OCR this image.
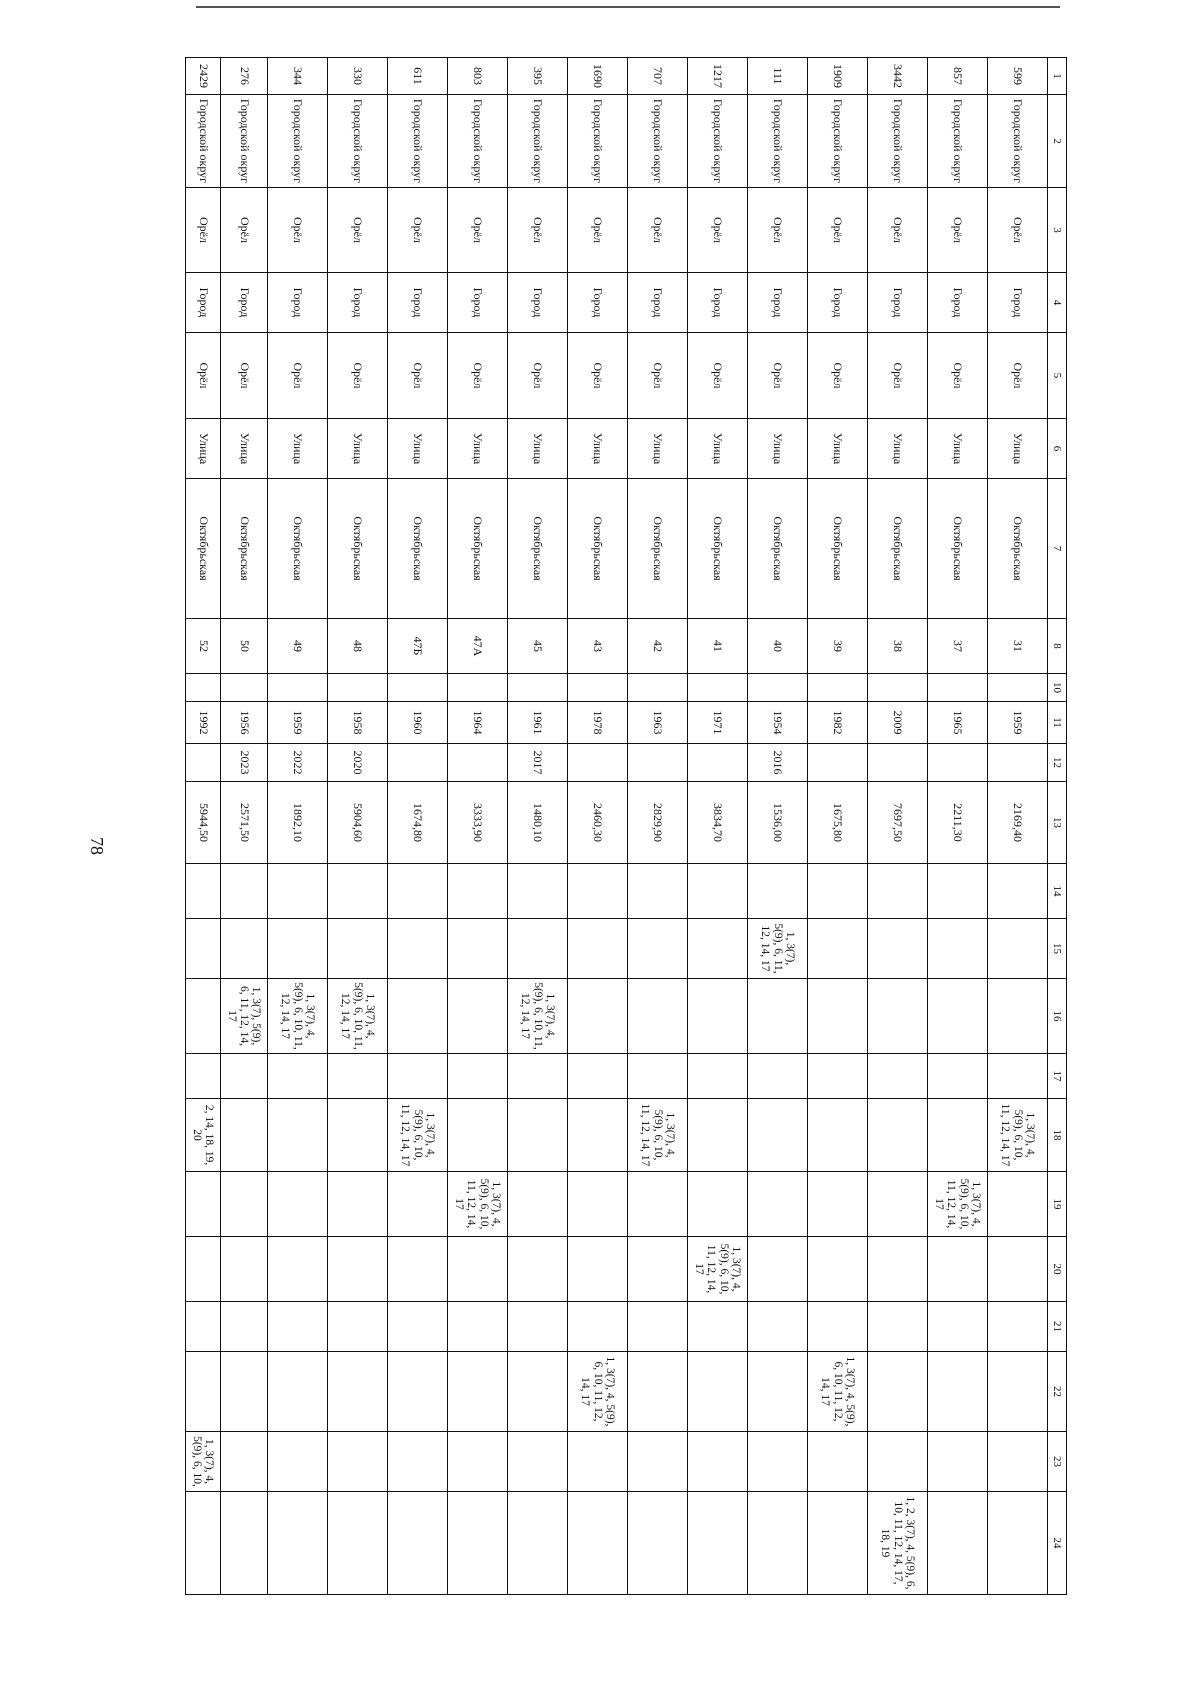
78
1	2	3	4	5	6	7	8	10	11	12	13	14	15	16	17	18	19	20	21	22	23	24
599	Городской округ	Орёл	Город	Орёл	Улица	Октябрьская	31		1959		2169,40					1, 3(7), 4, 5(9), 6, 10, 11, 12, 14, 17						
857	Городской округ	Орёл	Город	Орёл	Улица	Октябрьская	37		1965		2211,30						1, 3(7), 4, 5(9), 6, 10, 11, 12, 14, 17					
3442	Городской округ	Орёл	Город	Орёл	Улица	Октябрьская	38		2009		7697,50											1, 2, 3(7), 4, 5(9), 6, 10, 11, 12, 14, 17, 18, 19
1909	Городской округ	Орёл	Город	Орёл	Улица	Октябрьская	39		1982		1675,80									1, 3(7), 4, 5(9), 6, 10, 11, 12, 14, 17		
111	Городской округ	Орёл	Город	Орёл	Улица	Октябрьская	40		1954	2016	1536,00		1, 3(7), 5(9), 6, 11, 12, 14, 17									
1217	Городской округ	Орёл	Город	Орёл	Улица	Октябрьская	41		1971		3834,70							1, 3(7), 4, 5(9), 6, 10, 11, 12, 14, 17				
707	Городской округ	Орёл	Город	Орёл	Улица	Октябрьская	42		1963		2829,90					1, 3(7), 4, 5(9), 6, 10, 11, 12, 14, 17						
1690	Городской округ	Орёл	Город	Орёл	Улица	Октябрьская	43		1978		2460,30									1, 3(7), 4, 5(9), 6, 10, 11, 12, 14, 17		
395	Городской округ	Орёл	Город	Орёл	Улица	Октябрьская	45		1961	2017	1480,10			1, 3(7), 4, 5(9), 6, 10, 11, 12, 14, 17								
803	Городской округ	Орёл	Город	Орёл	Улица	Октябрьская	47А		1964		3333,90						1, 3(7), 4, 5(9), 6, 10, 11, 12, 14, 17					
611	Городской округ	Орёл	Город	Орёл	Улица	Октябрьская	47Б		1960		1674,80					1, 3(7), 4, 5(9), 6, 10, 11, 12, 14, 17						
330	Городской округ	Орёл	Город	Орёл	Улица	Октябрьская	48		1958	2020	5904,60			1, 3(7), 4, 5(9), 6, 10, 11, 12, 14, 17								
344	Городской округ	Орёл	Город	Орёл	Улица	Октябрьская	49		1959	2022	1892,10			1, 3(7), 4, 5(9), 6, 10, 11, 12, 14, 17								
276	Городской округ	Орёл	Город	Орёл	Улица	Октябрьская	50		1956	2023	2571,50			1, 3(7), 5(9), 6, 11, 12, 14, 17								
2429	Городской округ	Орёл	Город	Орёл	Улица	Октябрьская	52		1992		5944,50					2, 14, 18, 19, 20					1, 3(7), 4, 5(9), 6, 10,	
